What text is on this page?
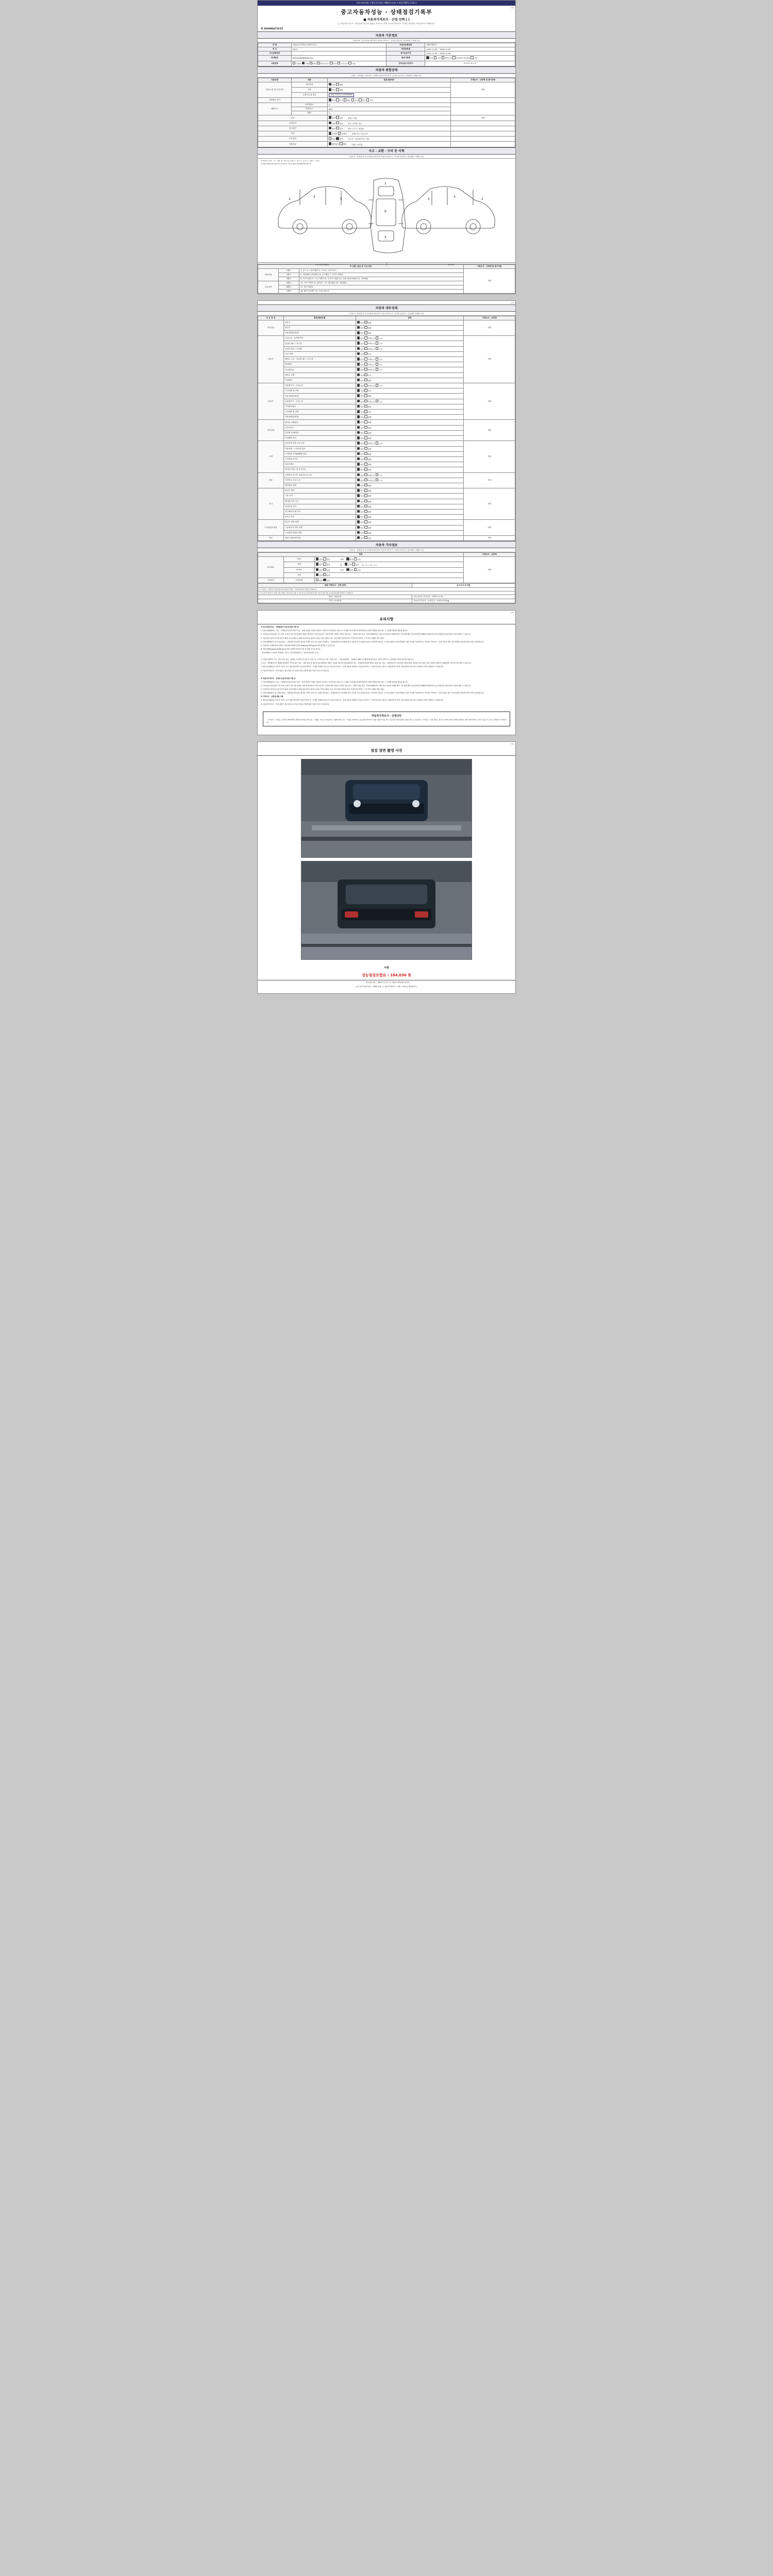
자동차관리법 시행규칙 [별지 제82호서식] <개정 2021.1.19.>
(1쪽)
중고자동차성능 · 상태점검기록부
■ 자동차가격조사 · 산정 선택 ( )
[ ] 자동차인도일이 : 성능점검기록부의 점검일 기준으로 하며, 자동차가격조사 · 산정은 점검자는 자동차가격 기재합니다.
제 20200047315호
자동차 기본정보
(자동차의 기본사항을 확인하여 자동차가격조사 · 산정을 점검자는 점검에만 기재합니다)
차 명	Tiguan 2.0TDI (140마력급 )	자동차등록번호	306모6023
연 식	2023	최초등록일	2022-11-09 ~ 2026-11-09
주소등록번호		검사유효기간	2022-11-09 ~ 2026-11-09
차대번호	WVGZZZ5NPMD01412	변속기종류	자동 수동 세미오토 무단변속기(CVT) 기타
사용연료	가솔린 디젤 LPG 하이브리드 전기 수소전기 기타	검사유효기간까지	0 0 0 0 0 0 년
자동차 종합상태
(차량 · 주행용품, 자동차의 · 상태의 자동차가격조사 · 산정을 점검자는 점검에만 기재합니다)
사용상태	내용	점검내용세부	가격조사 · 산정액 및 특기사항
진동/누유 및 특기사항	계기상태	양호 불량	적합
	기타	양호 불량	
	주행거리 및 계기	현재 주행거리 | 20,999km	
자체번호 표기		양호 부식 훼손 상이 변조 기타	
배출가스	일산화탄소	%	
	탄화수소	ppm	
	매연	%	
튜닝		없음 있음 불법 / 적법	적합
특별이력		없음 있음 침수 / 화재 / 전손	
용도변경		없음 있음 렌트 / 리스 / 영업용	
색상		무채색 유채색 전체도색 / 부분도색	
주요옵션		없음 있음 선루프 / 네비게이션 / 기타	
리콜대상		해당없음 해당 이행 / 미이행	
사고 · 교환 · 수리 등 이력
(자동차 · 상태의 및 특기사항을 확인하여 자동차가격조사 · 산정을 점검자는 점검에만 기재합니다)
※ 상태 표시 부호 : ( X : 교환, W : 판금 또는 용접, C : 부식, A : 흠집, U : 요철, T : 손상 )
※ 차량 상태에 따른 해당 부위 표시하며, 기타 부위까지 상태 확인해야 합니다.
2
3
5
1
6
4
2
3
5
사고이력(외부패널)	수리이력
※ 교환, 판금 등 이상 부위			가격조사 · 산정액 및 특기사항
외판부위	1랭크	1. 후드 2. 프론트펜더 3. 도어 4. 트렁크리드	적합
	2랭크	5. 쿼터패널 (리어펜더) 6. 루프패널 7. 사이드실패널	
	3랭크	8. 프론트패널 9. 크로스멤버 10. 인사이드패널 11. 트렁크플로어패널 12. 리어패널	
주요골격	A랭크	13. 사이드멤버 14. 휠하우스 15. 필러패널 16. 대쉬패널	
	B랭크	17. 플로어패널	
	C랭크	18. 패키지트레이 19. 트렁크플로어	
(2쪽)
자동차 세부상태
(자동차 · 상태의 및 특기사항을 확인하여 자동차가격조사 · 산정을 점검자는 점검에만 기재합니다)
주 요 장 치	항목/해당부품	상태	가격조사 · 산정액
자기진단	원동기	양호 불량	적합
	변속기	양호 불량	
	작동상태(공회전)	양호 불량	
원동기	오일누유 - 로커암커버	없음 미세누유 누유	적합
	실린더 헤드 / 가스켓	없음 미세누유 누유	
	실린더 블록 / 오일팬	없음 미세누유 누유	
	오일 유량	적정 부족	
	냉각수 누수 - 실린더 헤드 / 가스켓	없음 미세누수 누수	
	워터펌프	없음 미세누수 누수	
	라디에이터	없음 미세누수 누수	
	냉각수 수량	적정 부족	
	커먼레일	양호 불량	
변속기	자동변속기 - 오일누유	없음 미세누유 누유	적합
	오일유량 및 상태	적정 부족	
	작동상태(공회전)	양호 불량	
	수동변속기 - 오일누유	없음 미세누유 누유	
	기어변속장치	양호 불량	
	오일유량 및 상태	적정 부족	
	작동상태(공회전)	양호 불량	
동력전달	클러치 어셈블리	양호 불량	적합
	등속조인트	양호 불량	
	추진축 및 베어링	양호 불량	
	디퍼렌셜 기어	양호 불량	
조향	동력조향 작동 오일 누유	없음 미세누유 누유	적합
	작동상태 - 스티어링 펌프	양호 불량	
	스티어링 기어(MDPS포함)	양호 불량	
	스티어링 조인트	양호 불량	
	파워크랭크	양호 불량	
	타이로드엔드 및 볼 조인트	양호 불량	
제동	브레이크 마스터 실린더오일 누유	없음 미세누유 누유	적합
	브레이크 오일 누유	없음 미세누유 누유	
	배력장치 상태	양호 불량	
전기	발전기 출력	양호 불량	적합
	시동 모터	양호 불량	
	와이퍼 모터 기능	양호 불량	
	실내송풍 모터	양호 불량	
	라디에이터 팬 모터	양호 불량	
	윈도우 모터	양호 불량	
고전원전기장치	충전구 절연 상태	양호 불량	적합
	구동축전지 격리 상태	양호 불량	
	고전원전기배선 상태	양호 불량	
연료	연료누설(LPG포함)	없음 있음	적합
자동차 기타정보
(자동차 · 상태의 및 특기사항을 확인하여 자동차가격조사 · 산정을 점검자는 점검에만 기재합니다)
항목			가격조사 · 산정액
수리필요	외장	없음 있음 내장 없음 있음	적합
	광택	없음 있음 휠 없음 있음 전 □ 후 □ / 좌 □ 우 □	
	타이어	없음 있음 유리 없음 있음	
	기타	없음 있음	
기본품목	보유상태	없음 있음	
최종 가격조사 · 산정 금액	0 0 0 0 0 만원
※ 가격조사 · 산정가격 산정기준가액 자동차가격조사 · 산정에 의하여 산정한 가격입니다.	
본 성능점검기록부에 기재된 내용 외에도 감가요인이 있을 수 있으며 성능점검내용과 다른 부분이 있을 경우 성능점검자에게 확인하시기 바랍니다.	
점검 · 내용검사	성능점검자 점검일자 : 2020-11-09
가격 · 조사산정	자동차가격조사 · 산정일자 : 1533-0709 ▲
(2쪽)
유의사항

※ 중고자동차성능 · 상태점검의 보증에 관한 사항 등

1. 자동차매매업자는 성능 · 상태점검기록부(이하 "성능 · 상태 점검에 기재된 내용을 고지하지 아니하거나 거짓으로 고지할으로써 매수인에게 재산상 손해가 발생한 경우에는 그 손해를 배상할 책임을 집니다.

2. 자동차(소비자금융) 이기 정보 소개기 인증 성능점검을 내용을 확인하여 이에 성능표기 기준에 따라 자동차 가격의 내용 성능 · 상태가 다른 경우, 자동차매매업자는 매수인의 취소할 상태를 확인 기록 확인해야 자동차관리법 제58조의4에 따라 성능상태점검 책임보험의 보상을 받을 수 있습니다.

3. 자동차인도일부터 보증기간이 30일 보증거래상 1,000 킬로미터로 합니다 (성능기간은 30일 이상, 보증거래 근원일로부터 이상이어야 하며, 그 중 먼저 도래한 것을 적용).

4. 자동차매매업자 중고자동차성능 · 상태점검기록부를 제시한 고객이 보증 또는 판매 기록(성능 · 상태점검자의 보증범위 외의 고장과 고객 부담(부분)에 고지하여야 합니다. 또 성능점검에 기간에 발생한 고장/ 수리를 이용하여서는 안되며, 가격조사 · 산정 부분과 제시 서로 확인할 자동차가격의 적용 보증받습니다.

5. 자동차의 손해에 관한 내용은 자동차관리법령에 따라 (www.car365.go.kr)에서 확인할 수 있습니다.

6. 자동차365(www.car365.go.kr)에서 상세한 정보를 조회 및 열람이 가능합니다.

- 자동차365 > 자동차 상태정보 조회 > 자동차종합정보 > 자동차등록원부 공개

1. 자동차 판매자 구조 · 장치 특히 성능 · 상태를 고지하지 아니한 자 거짓으로 고지하거나 거짓 고지한 자는 「자동차관리법」 제 80조 제6호 및 제7호에 따라 2년 이하의 징역 또는 2천만원 이하의 벌금에 처합니다.

2. 성능 · 상태점검자가 매매업자에게서 기인지 않은 성능 · 상태 점검 및 자동차성능상태점검 내용이 사실과 다르게 작성되었다면 성능 · 상태점검자에게 책임이 있습니다. 성능 · 상태점검자가 성능점검 책임보험에 가입되어 있지 않은 경우, 해당에 대하여 1,000만원 이하 벌금에 처할 수 있습니다.

3. 매수인(매매업자 소비자 기준이 모든 열람 확인하여 자동차가격조사 · 산정을 선택한 경우로서 자동차가격조사 · 산정 내용을 설명하고 자동차가격조사 · 산정기록부를 서면으로 제공하여야 하며, 이를 위반한 경우에는 2천만원 이하의 과태료가 부과됩니다.

4. 자동차가격조사 · 산정 내용은 참고사항으로 자동차 매도금액에 대한 기준이 되지 아니합니다.

※ 자동차가격조사 · 산정의 보증에 관한 사항 등

1. 자동차매매업자는 성능 · 상태점검기록부(이하 "성능 · 상태 점검에 기재된 내용을 고지하지 아니하거나 거짓으로 고지할으로써 매수인에게 재산상 손해가 발생한 경우에는 그 손해를 배상할 책임을 집니다.

2. 자동차(소비자금융) 이기 정보 소개기 인증 성능점검을 내용을 확인하여 이에 성능표기 기준에 따라 자동차 가격의 내용 성능 · 상태가 다른 경우, 자동차매매업자는 매수인의 취소할 상태를 확인 기록 확인해야 자동차관리법 제58조의4에 따라 성능상태점검 책임보험의 보상을 받을 수 있습니다.

3. 자동차인도일부터 보증기간이 30일 보증거래상 1,000 킬로미터로 합니다 (성능기간은 30일 이상, 보증거래 근원일로부터 이상이어야 하며, 그 중 먼저 도래한 것을 적용).

4. 자동차매매업자 중고자동차성능 · 상태점검기록부를 제시한 고객이 보증 또는 판매 기록(성능 · 상태점검자의 보증범위 외의 고장과 고객 부담(부분)에 고지하여야 합니다. 또 성능점검에 기간에 발생한 고장/ 수리를 이용하여서는 안되며, 가격조사 · 산정 부분과 제시 서로 확인할 자동차가격의 적용 보증받습니다.

※ 가격조사 · 산정에 관한 사항

3. 매수인(매매업자 소비자 기준이 모든 열람 확인하여 자동차가격조사 · 산정을 선택한 경우로서 자동차가격조사 · 산정 내용을 설명하고 자동차가격조사 · 산정기록부를 서면으로 제공하여야 하며, 이를 위반한 경우에는 2천만원 이하의 과태료가 부과됩니다.

4. 자동차가격조사 · 산정 내용은 참고사항으로 자동차 매도금액에 대한 기준이 되지 아니합니다.

자동차가격조사 · 산정의안
「가격조사 · 산정은 소비자가 매매계약을 체결할 때 매도인의 성능 · 상태를 기초로 한 제공하는 사항에 관한 조사 · 산정을 의미하며, 성능점검기록부에 기재된 내용과 다를 경우 성능점검 책임보험의 보장을 받을 수 있습니다. 가격조사 · 산정 결과는 중고차 가격에 관한 안내에 불과하며 실제 거래가격과는 차이가 있을 수 있으니 유의하시기 바랍니다.」
(3쪽)
점검 장면 촬영 사진
서명
성능점검보험료 : 184,030 원
「 자동차관리법」 제58조 및 같은 법 시행규칙 제120조에 따라
[ V ] 중고자동차성능 · 상태를 점검, [ ] 자동차가격조사 · 산정 ) 사항으로 확인합니다.
